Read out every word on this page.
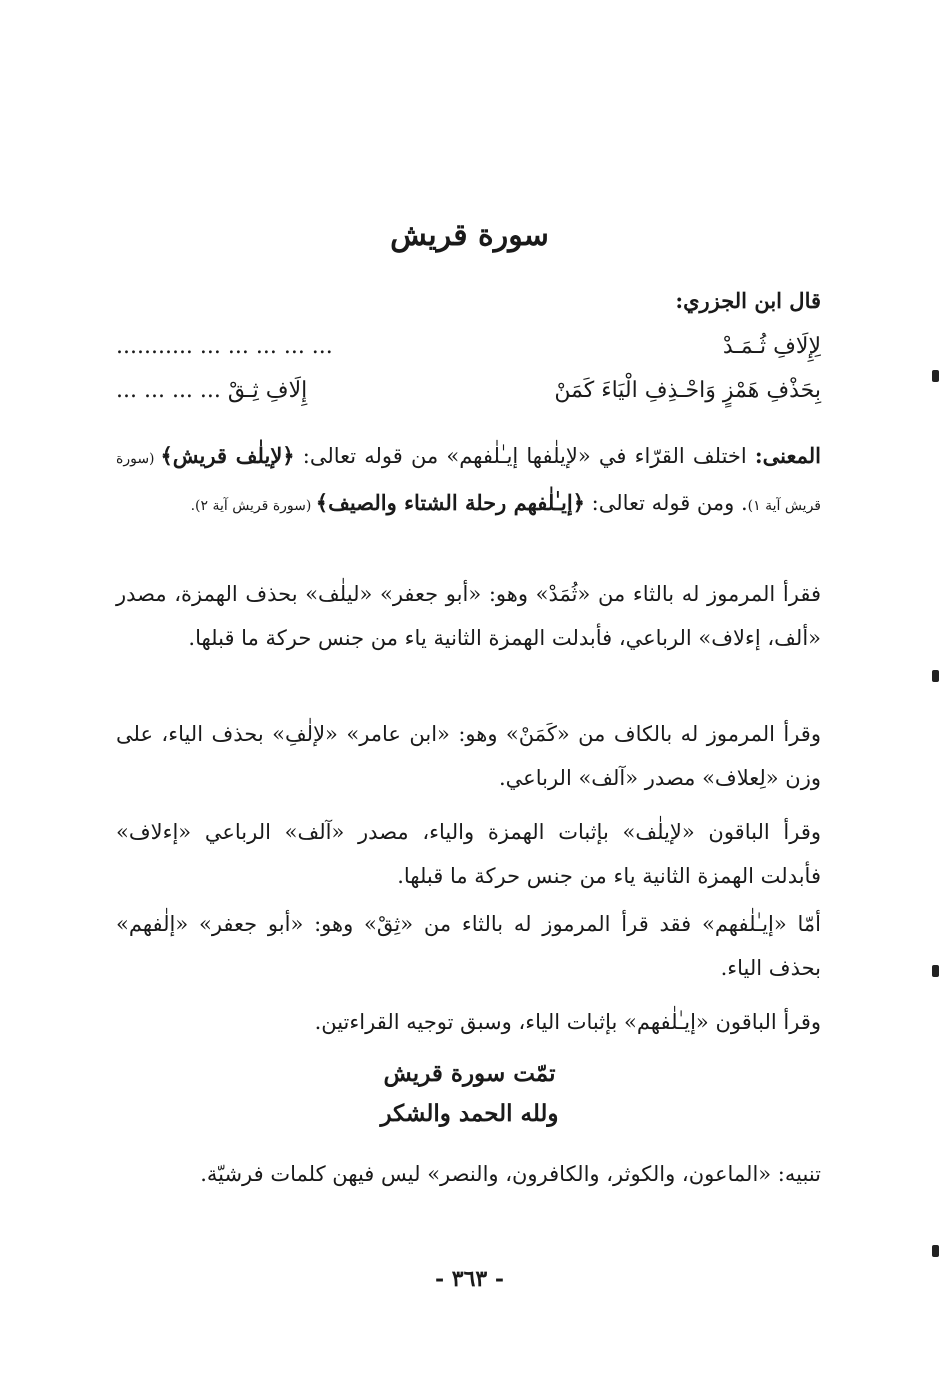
سورة قريش
قال ابن الجزري:
... ... ... ... ... ...........	لِإِلَافِ ثُـمَـدْ
بِحَذْفِ هَمْزٍ وَاحْـذِفِ الْيَاءَ كَمَنْ
إِلَافِ ثِـقْ ... ... ... ...
المعنى: اختلف القرّاء في «لإيلٰفها إيـٰلٰفهم» من قوله تعالى: ﴿لإيلٰف قريش﴾ (سورة قريش آية ١). ومن قوله تعالى: ﴿إيـٰلٰفهم رحلة الشتاء والصيف﴾ (سورة قريش آية ٢).
فقرأ المرموز له بالثاء من «ثُمَدْ» وهو: «أبو جعفر» «ليلٰف» بحذف الهمزة، مصدر «ألف، إءلاف» الرباعي، فأبدلت الهمزة الثانية ياء من جنس حركة ما قبلها.
وقرأ المرموز له بالكاف من «كَمَنْ» وهو: «ابن عامر» «لإلٰفِ» بحذف الياء، على وزن «لِعلاف» مصدر «آلف» الرباعي.
وقرأ الباقون «لإيلٰف» بإثبات الهمزة والياء، مصدر «آلف» الرباعي «إءلاف» فأبدلت الهمزة الثانية ياء من جنس حركة ما قبلها.
أمّا «إيـٰلٰفهم» فقد قرأ المرموز له بالثاء من «ثِقْ» وهو: «أبو جعفر» «إلٰفهم» بحذف الياء.
وقرأ الباقون «إيـٰلٰفهم» بإثبات الياء، وسبق توجيه القراءتين.
تمّت سورة قريش
ولله الحمد والشكر
تنبيه: «الماعون، والكوثر، والكافرون، والنصر» ليس فيهن كلمات فرشيّة.
- ٣٦٣ -
